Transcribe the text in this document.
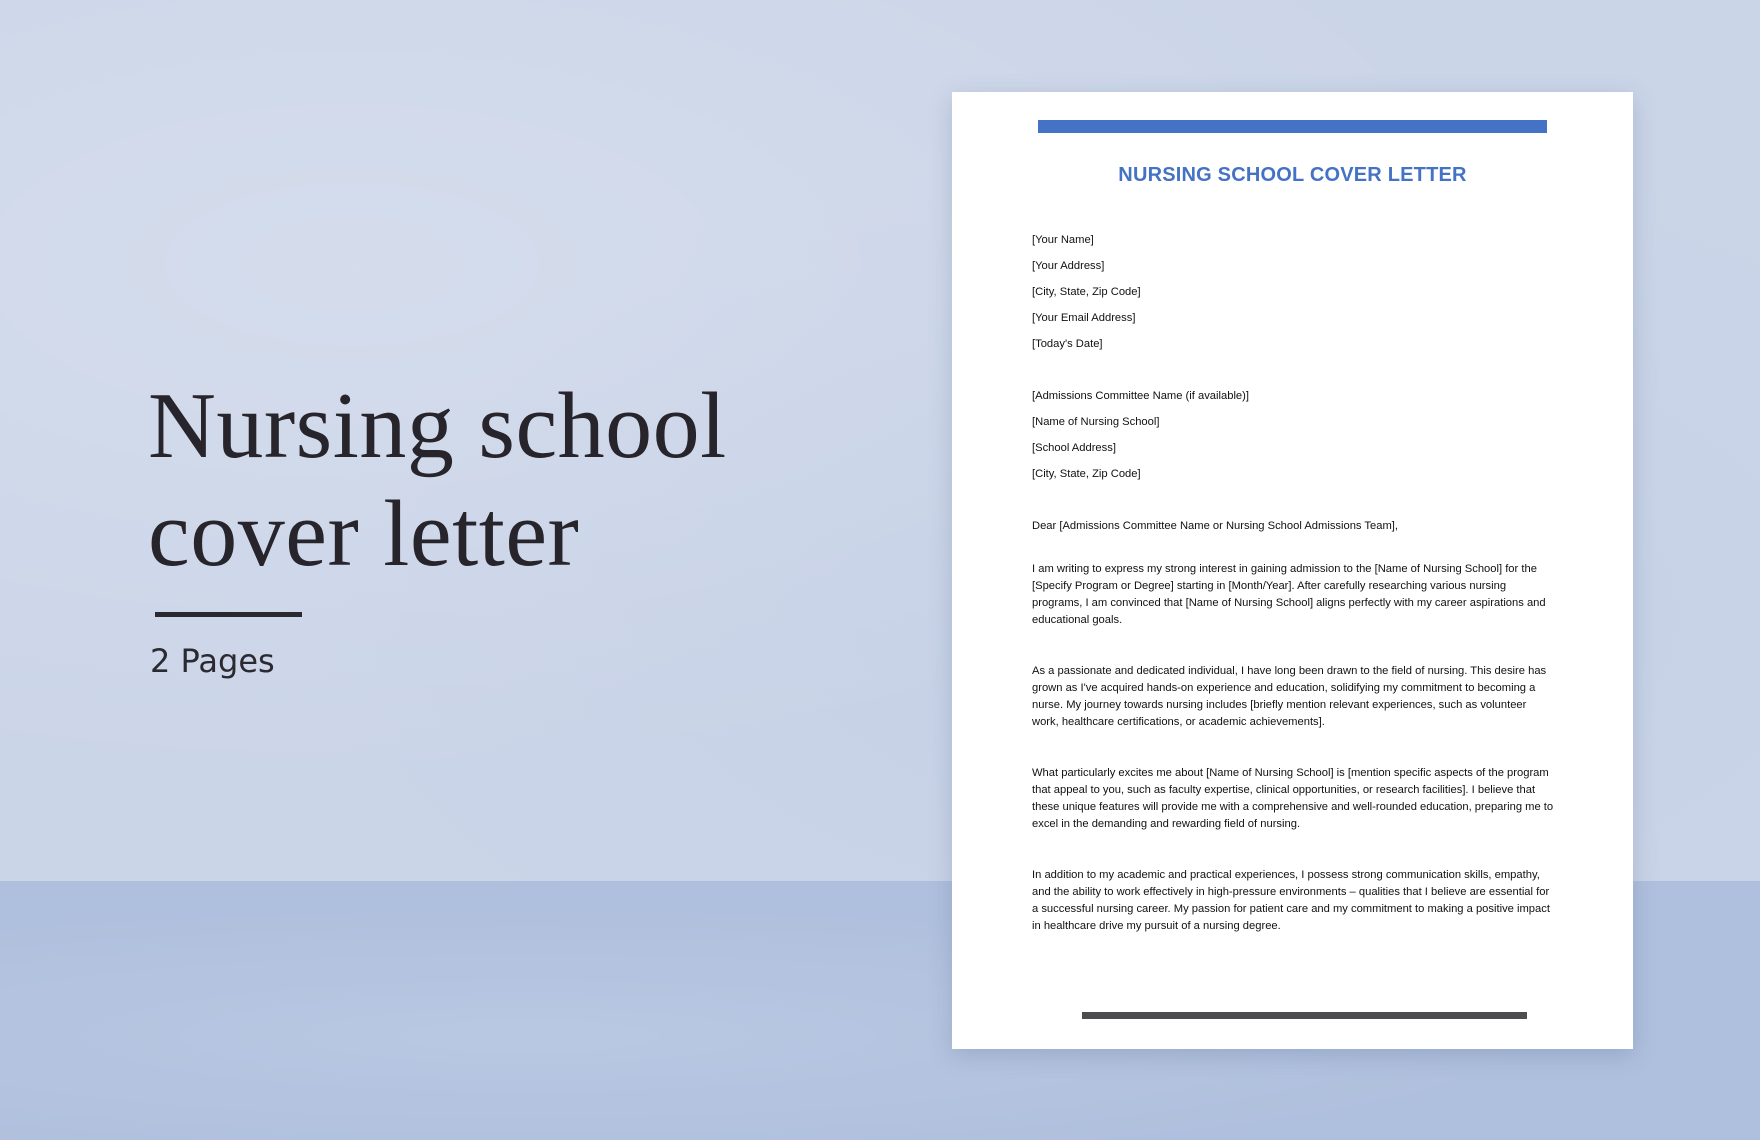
Nursing school
cover letter
2 Pages
NURSING SCHOOL COVER LETTER
[Your Name]
[Your Address]
[City, State, Zip Code]
[Your Email Address]
[Today's Date]
[Admissions Committee Name (if available)]
[Name of Nursing School]
[School Address]
[City, State, Zip Code]
Dear [Admissions Committee Name or Nursing School Admissions Team],

I am writing to express my strong interest in gaining admission to the [Name of Nursing School] for the [Specify Program or Degree] starting in [Month/Year]. After carefully researching various nursing programs, I am convinced that [Name of Nursing School] aligns perfectly with my career aspirations and educational goals.

As a passionate and dedicated individual, I have long been drawn to the field of nursing. This desire has grown as I've acquired hands-on experience and education, solidifying my commitment to becoming a nurse. My journey towards nursing includes [briefly mention relevant experiences, such as volunteer work, healthcare certifications, or academic achievements].

What particularly excites me about [Name of Nursing School] is [mention specific aspects of the program that appeal to you, such as faculty expertise, clinical opportunities, or research facilities]. I believe that these unique features will provide me with a comprehensive and well-rounded education, preparing me to excel in the demanding and rewarding field of nursing.

In addition to my academic and practical experiences, I possess strong communication skills, empathy, and the ability to work effectively in high-pressure environments – qualities that I believe are essential for a successful nursing career. My passion for patient care and my commitment to making a positive impact in healthcare drive my pursuit of a nursing degree.
